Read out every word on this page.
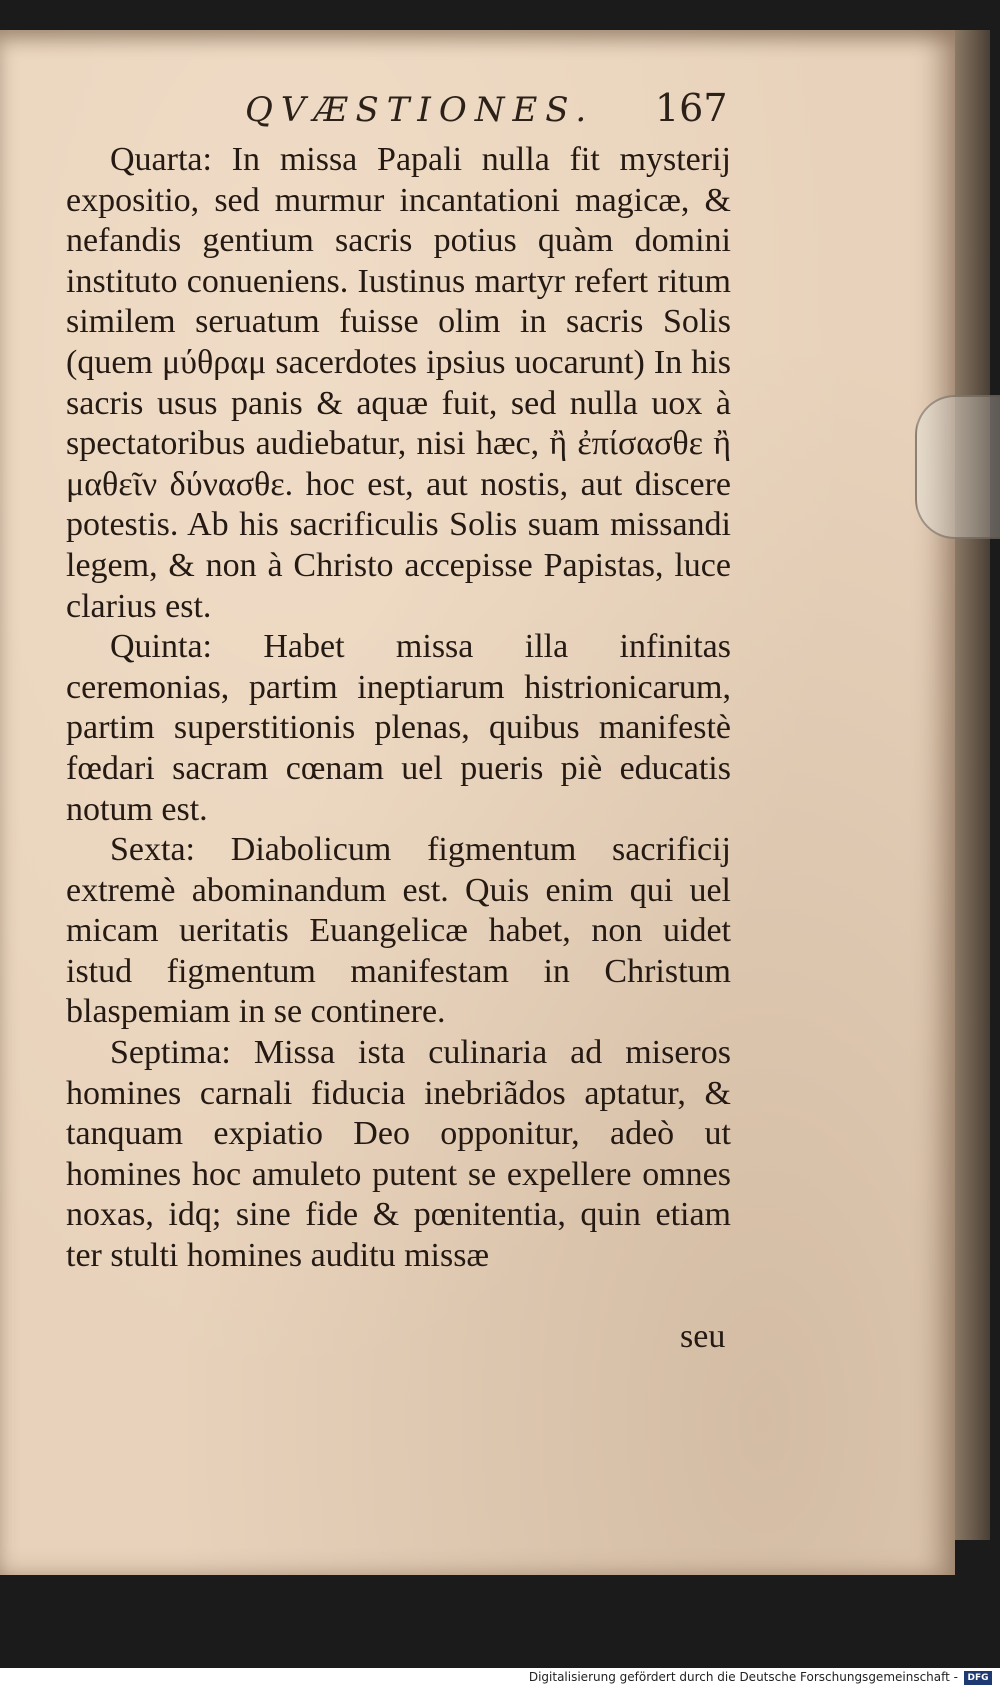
QVÆSTIONES. 167

Quarta: In missa Papali nulla fit mysterij expositio, sed murmur incantationi magicæ, & nefandis gentium sacris potius quàm domini instituto conueniens. Iustinus martyr refert ritum similem seruatum fuisse olim in sacris Solis (quem μύθραμ sacerdotes ipsius uocarunt) In his sacris usus panis & aquæ fuit, sed nulla uox à spectatoribus audiebatur, nisi hæc, ἢ ἐπίσασθε ἢ μαθεῖν δύνασθε. hoc est, aut nostis, aut discere potestis. Ab his sacrificulis Solis suam missandi legem, & non à Christo accepisse Papistas, luce clarius est.

Quinta: Habet missa illa infinitas ceremonias, partim ineptiarum histrionicarum, partim superstitionis plenas, quibus manifestè fœdari sacram cœnam uel pueris piè educatis notum est.

Sexta: Diabolicum figmentum sacrificij extremè abominandum est. Quis enim qui uel micam ueritatis Euangelicæ habet, non uidet istud figmentum manifestam in Christum blaspemiam in se continere.

Septima: Missa ista culinaria ad miseros homines carnali fiducia inebriãdos aptatur, & tanquam expiatio Deo opponitur, adeò ut homines hoc amuleto putent se expellere omnes noxas, idq; sine fide & pœnitentia, quin etiam ter stulti homines auditu missæ

seu
Digitalisierung gefördert durch die Deutsche Forschungsgemeinschaft -	DFG
